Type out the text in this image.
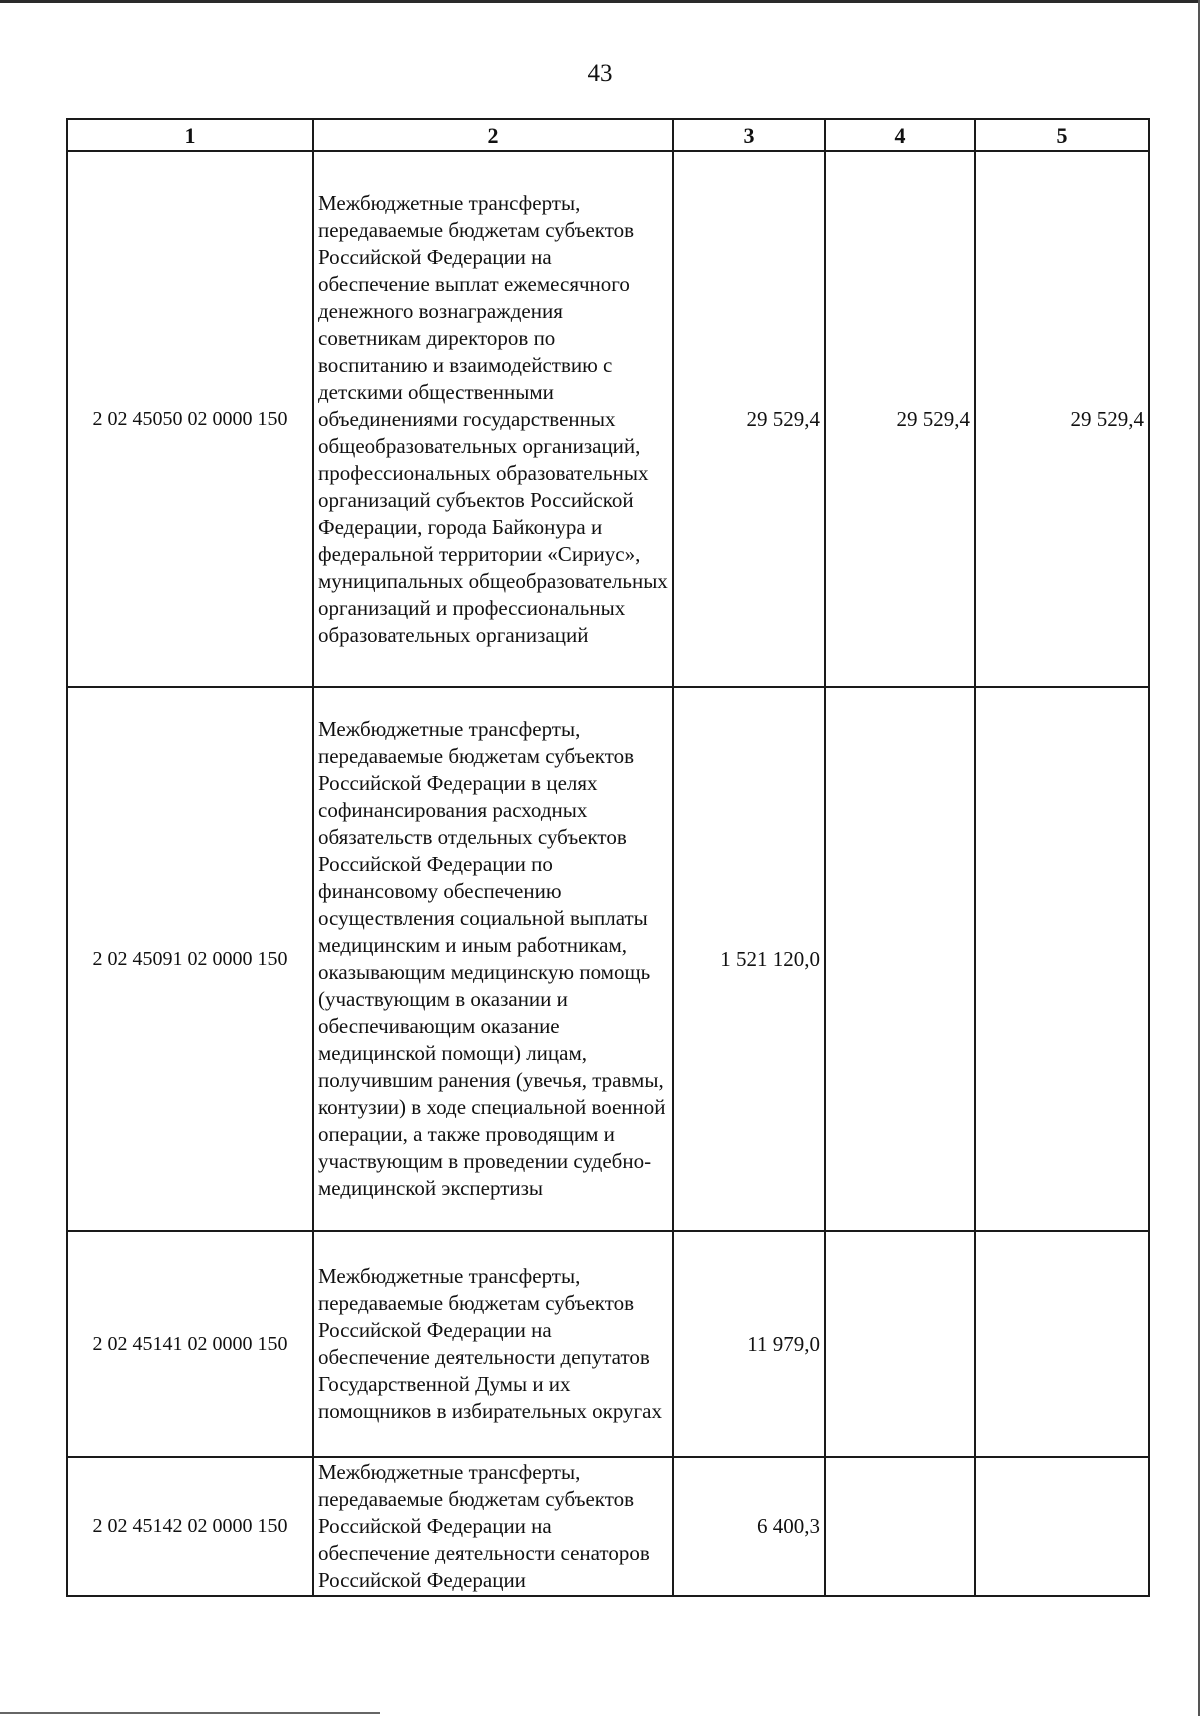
43
1	2	3	4	5
2 02 45050 02 0000 150	Межбюджетные трансферты, передаваемые бюджетам субъектов Российской Федерации на обеспечение выплат ежемесячного денежного вознаграждения советникам директоров по воспитанию и взаимодействию с детскими общественными объединениями государственных общеобразовательных организаций, профессиональных образовательных организаций субъектов Российской Федерации, города Байконура и федеральной территории «Сириус», муниципальных общеобразовательных организаций и профессиональных образовательных организаций	29 529,4	29 529,4	29 529,4
2 02 45091 02 0000 150	Межбюджетные трансферты, передаваемые бюджетам субъектов Российской Федерации в целях софинансирования расходных обязательств отдельных субъектов Российской Федерации по финансовому обеспечению осуществления социальной выплаты медицинским и иным работникам, оказывающим медицинскую помощь (участвующим в оказании и обеспечивающим оказание медицинской помощи) лицам, получившим ранения (увечья, травмы, контузии) в ходе специальной военной операции, а также проводящим и участвующим в проведении судебно-медицинской экспертизы	1 521 120,0		
2 02 45141 02 0000 150	Межбюджетные трансферты, передаваемые бюджетам субъектов Российской Федерации на обеспечение деятельности депутатов Государственной Думы и их помощников в избирательных округах	11 979,0		
2 02 45142 02 0000 150	Межбюджетные трансферты, передаваемые бюджетам субъектов Российской Федерации на обеспечение деятельности сенаторов Российской Федерации	6 400,3		
